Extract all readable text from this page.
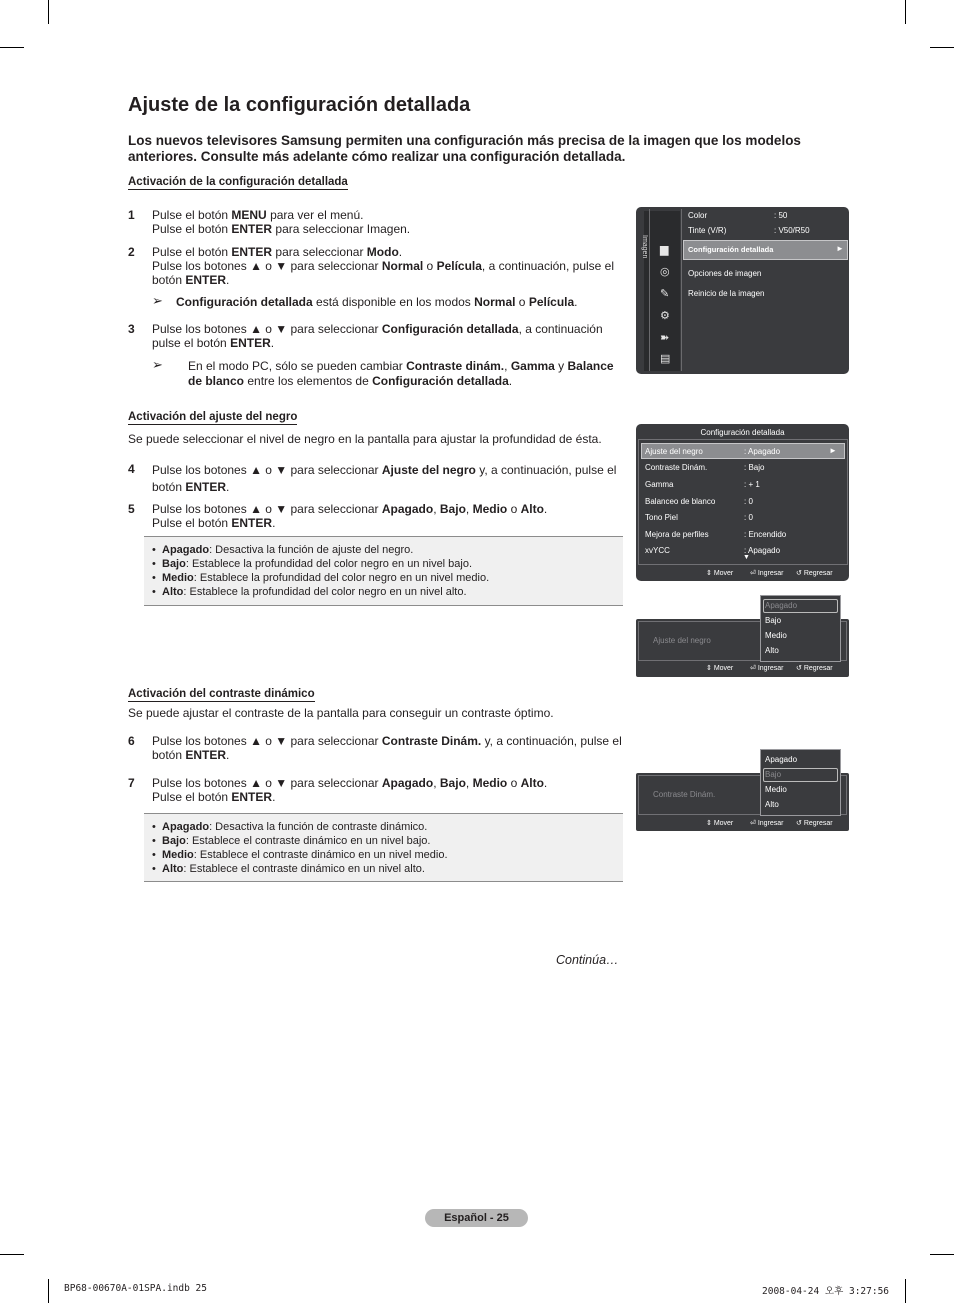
Ajuste de la configuración detallada
Los nuevos televisores Samsung permiten una configuración más precisa de la imagen que los modelos anteriores. Consulte más adelante cómo realizar una configuración detallada.
Activación de la configuración detallada
1 Pulse el botón MENU para ver el menú.
Pulse el botón ENTER para seleccionar Imagen.
2 Pulse el botón ENTER para seleccionar Modo.
Pulse los botones ▲ o ▼ para seleccionar Normal o Película, a continuación, pulse el
botón ENTER.
➢ Configuración detallada está disponible en los modos Normal o Película.
3 Pulse los botones ▲ o ▼ para seleccionar Configuración detallada, a continuación
pulse el botón ENTER.
➢ En el modo PC, sólo se pueden cambiar Contraste dinám., Gamma y Balance
de blanco entre los elementos de Configuración detallada.
Activación del ajuste del negro
Se puede seleccionar el nivel de negro en la pantalla para ajustar la profundidad de ésta.
4 Pulse los botones ▲ o ▼ para seleccionar Ajuste del negro y, a continuación, pulse el
botón ENTER.
5 Pulse los botones ▲ o ▼ para seleccionar Apagado, Bajo, Medio o Alto.
Pulse el botón ENTER.
• Apagado: Desactiva la función de ajuste del negro.
• Bajo: Establece la profundidad del color negro en un nivel bajo.
• Medio: Establece la profundidad del color negro en un nivel medio.
• Alto: Establece la profundidad del color negro en un nivel alto.
Activación del contraste dinámico
Se puede ajustar el contraste de la pantalla para conseguir un contraste óptimo.
6 Pulse los botones ▲ o ▼ para seleccionar Contraste Dinám. y, a continuación, pulse el
botón ENTER.
7 Pulse los botones ▲ o ▼ para seleccionar Apagado, Bajo, Medio o Alto.
Pulse el botón ENTER.
• Apagado: Desactiva la función de contraste dinámico.
• Bajo: Establece el contraste dinámico en un nivel bajo.
• Medio: Establece el contraste dinámico en un nivel medio.
• Alto: Establece el contraste dinámico en un nivel alto.
Continúa…
Imagen ▆
◎
✎
⚙
➽
▤
Color	: 50
Tinte (V/R)	: V50/R50
Configuración detallada	►
Opciones de imagen
Reinicio de la imagen
Configuración detallada
Ajuste del negro	: Apagado	►
Contraste Dinám.	: Bajo
Gamma	: + 1
Balanceo de blanco	: 0
Tono Piel	: 0
Mejora de perfiles	: Encendido
xvYCC	: Apagado
▼
⇕ Mover ⏎ Ingresar ↺ Regresar
Ajuste del negro
⇕ Mover ⏎ Ingresar ↺ Regresar
Apagado
Bajo
Medio
Alto
Contraste Dinám.
⇕ Mover ⏎ Ingresar ↺ Regresar
Apagado
Bajo
Medio
Alto
Español - 25
BP68-00670A-01SPA.indb 25	2008-04-24 오후 3:27:56
